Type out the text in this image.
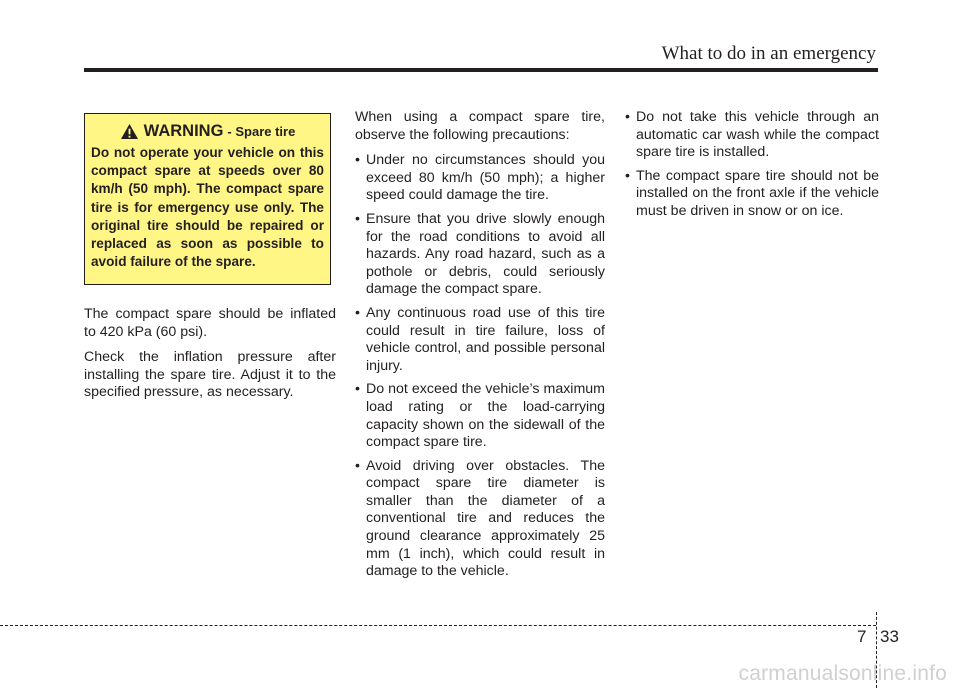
What to do in an emergency
WARNING - Spare tire

Do not operate your vehicle on this compact spare at speeds over 80 km/h (50 mph). The compact spare tire is for emergency use only. The original tire should be repaired or replaced as soon as possible to avoid failure of the spare.

The compact spare should be inflated to 420 kPa (60 psi).

Check the inflation pressure after installing the spare tire. Adjust it to the specified pressure, as necessary.

When using a compact spare tire, observe the following precautions:

• Under no circumstances should you exceed 80 km/h (50 mph); a higher speed could damage the tire.
• Ensure that you drive slowly enough for the road conditions to avoid all hazards. Any road hazard, such as a pothole or debris, could seriously damage the compact spare.
• Any continuous road use of this tire could result in tire failure, loss of vehicle control, and possible personal injury.
• Do not exceed the vehicle’s maximum load rating or the load-carrying capacity shown on the sidewall of the compact spare tire.
• Avoid driving over obstacles. The compact spare tire diameter is smaller than the diameter of a conventional tire and reduces the ground clearance approximately 25 mm (1 inch), which could result in damage to the vehicle.
• Do not take this vehicle through an automatic car wash while the compact spare tire is installed.
• The compact spare tire should not be installed on the front axle if the vehicle must be driven in snow or on ice.
7 33
carmanualsonline.info
